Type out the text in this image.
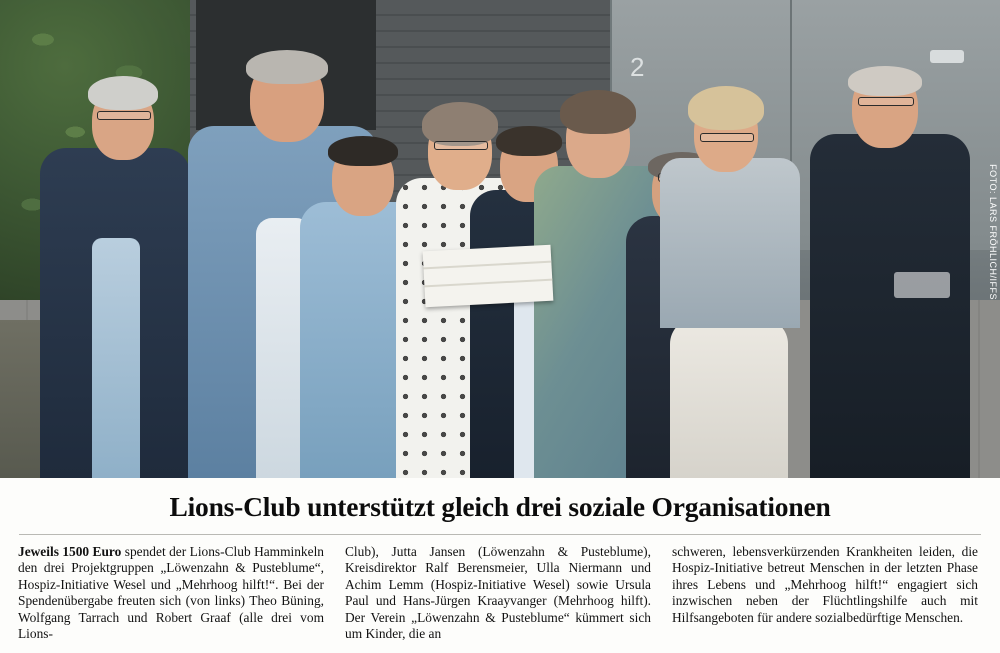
2
FOTO: LARS FRÖHLICH/IFFS
Lions-Club unterstützt gleich drei soziale Organisationen

Jeweils 1500 Euro spendet der Lions-Club Hamminkeln den drei Projektgruppen „Löwenzahn & Pusteblume“, Hospiz-Initiative Wesel und „Mehrhoog hilft!“. Bei der Spendenübergabe freuten sich (von links) Theo Büning, Wolfgang Tarrach und Robert Graaf (alle drei vom Lions-

Club), Jutta Jansen (Löwenzahn & Pusteblume), Kreisdirektor Ralf Berensmeier, Ulla Niermann und Achim Lemm (Hospiz-Initiative Wesel) sowie Ursula Paul und Hans-Jürgen Kraayvanger (Mehrhoog hilft). Der Verein „Löwenzahn & Pusteblume“ kümmert sich um Kinder, die an

schweren, lebensverkürzenden Krankheiten leiden, die Hospiz-Initiative betreut Menschen in der letzten Phase ihres Lebens und „Mehrhoog hilft!“ engagiert sich inzwischen neben der Flüchtlingshilfe auch mit Hilfsangeboten für andere sozialbedürftige Menschen.
